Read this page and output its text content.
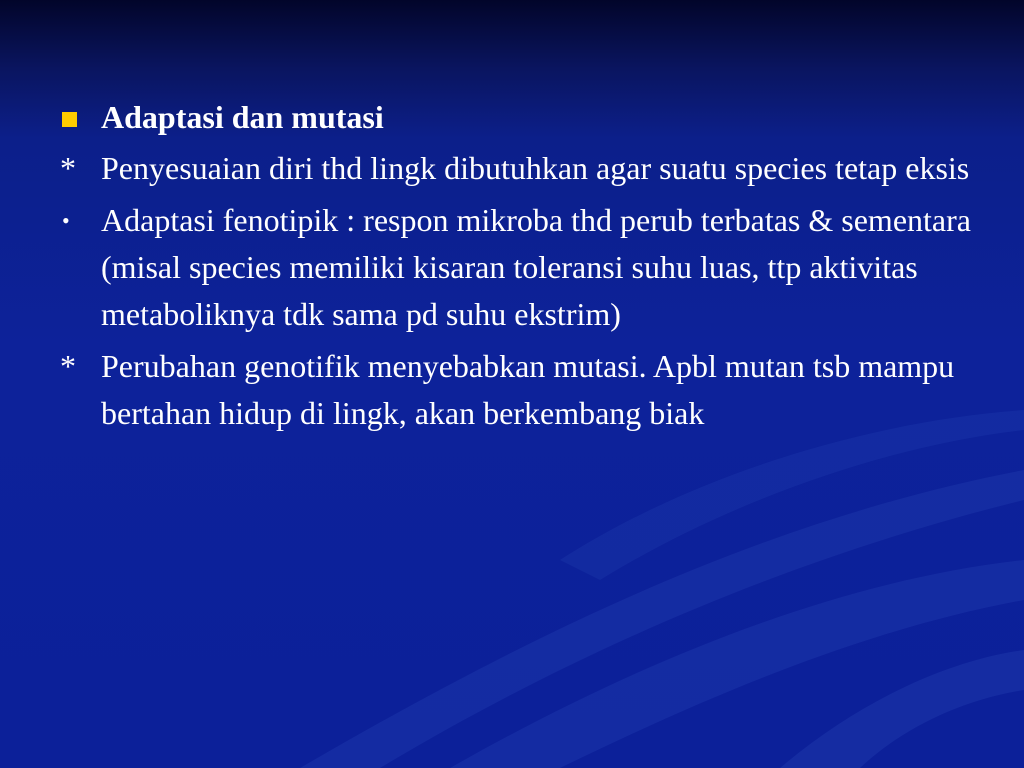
Adaptasi dan mutasi
* Penyesuaian diri thd lingk dibutuhkan agar suatu species tetap eksis
• Adaptasi fenotipik : respon mikroba thd perub terbatas & sementara (misal species memiliki kisaran toleransi suhu luas, ttp aktivitas metaboliknya tdk sama pd suhu ekstrim)
* Perubahan genotifik menyebabkan mutasi. Apbl mutan tsb mampu bertahan hidup di lingk, akan berkembang biak
